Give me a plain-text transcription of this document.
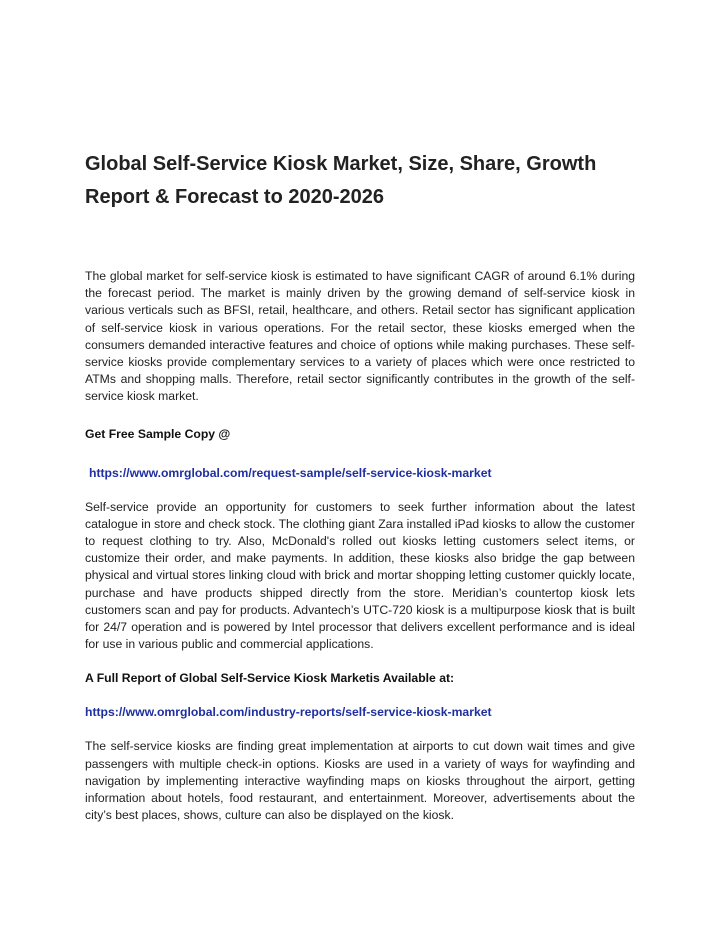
Global Self-Service Kiosk Market, Size, Share, Growth Report & Forecast to 2020-2026

The global market for self-service kiosk is estimated to have significant CAGR of around 6.1% during the forecast period. The market is mainly driven by the growing demand of self-service kiosk in various verticals such as BFSI, retail, healthcare, and others. Retail sector has significant application of self-service kiosk in various operations. For the retail sector, these kiosks emerged when the consumers demanded interactive features and choice of options while making purchases. These self-service kiosks provide complementary services to a variety of places which were once restricted to ATMs and shopping malls. Therefore, retail sector significantly contributes in the growth of the self-service kiosk market.

Get Free Sample Copy @

https://www.omrglobal.com/request-sample/self-service-kiosk-market

Self-service provide an opportunity for customers to seek further information about the latest catalogue in store and check stock. The clothing giant Zara installed iPad kiosks to allow the customer to request clothing to try. Also, McDonald's rolled out kiosks letting customers select items, or customize their order, and make payments. In addition, these kiosks also bridge the gap between physical and virtual stores linking cloud with brick and mortar shopping letting customer quickly locate, purchase and have products shipped directly from the store. Meridian’s countertop kiosk lets customers scan and pay for products. Advantech’s UTC-720 kiosk is a multipurpose kiosk that is built for 24/7 operation and is powered by Intel processor that delivers excellent performance and is ideal for use in various public and commercial applications.

A Full Report of Global Self-Service Kiosk Marketis Available at:

https://www.omrglobal.com/industry-reports/self-service-kiosk-market

The self-service kiosks are finding great implementation at airports to cut down wait times and give passengers with multiple check-in options. Kiosks are used in a variety of ways for wayfinding and navigation by implementing interactive wayfinding maps on kiosks throughout the airport, getting information about hotels, food restaurant, and entertainment. Moreover, advertisements about the city’s best places, shows, culture can also be displayed on the kiosk.
